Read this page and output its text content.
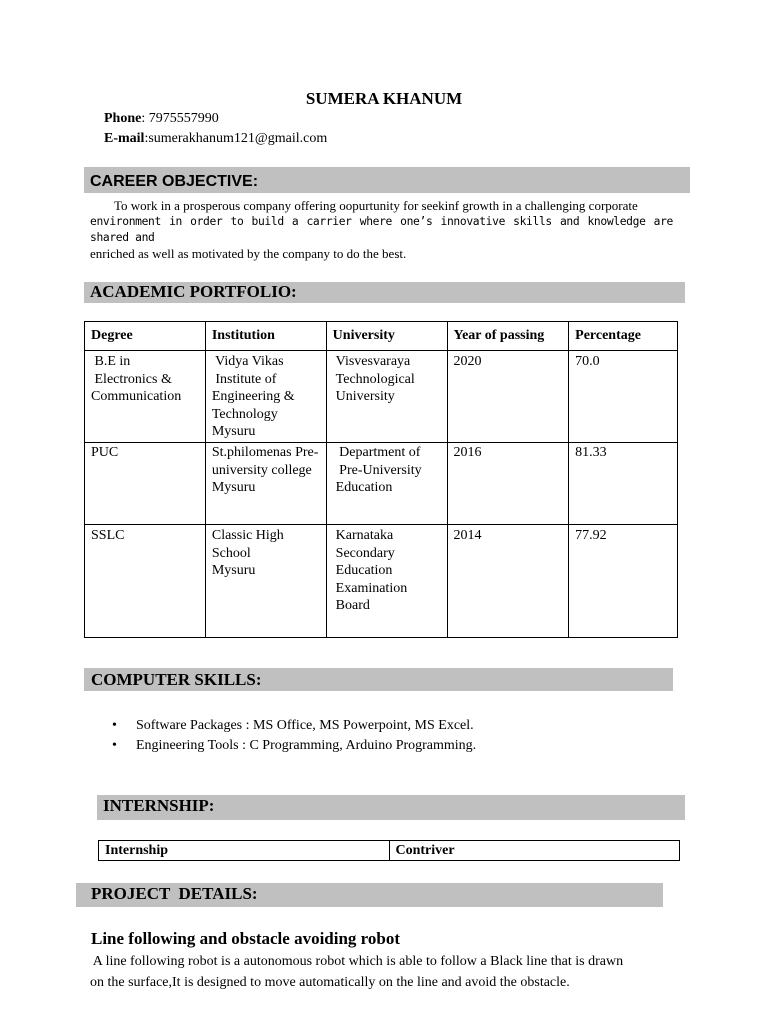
SUMERA KHANUM
Phone: 7975557990
E-mail:sumerakhanum121@gmail.com
CAREER OBJECTIVE:

To work in a prosperous company offering oopurtunity for seekinf growth in a challenging corporate

environment in order to build a carrier where one’s innovative skills and knowledge are shared and

enriched as well as motivated by the company to do the best.

ACADEMIC PORTFOLIO:
Degree	Institution	University	Year of passing	Percentage

B.E in
Electronics &
Communication	Vidya Vikas
Institute of
Engineering &
Technology
Mysuru	Visvesvaraya
Technological
University	2020	70.0

PUC	St.philomenas Pre-
university college
Mysuru	Department of
Pre-University
Education	2016	81.33

SSLC	Classic High
School
Mysuru	Karnataka
Secondary
Education
Examination
Board	2014	77.92
COMPUTER SKILLS:
• Software Packages : MS Office, MS Powerpoint, MS Excel.
• Engineering Tools : C Programming, Arduino Programming.
INTERNSHIP:
Internship	Contriver
PROJECT  DETAILS:
Line following and obstacle avoiding robot

A line following robot is a autonomous robot which is able to follow a Black line that is drawn

on the surface,It is designed to move automatically on the line and avoid the obstacle.
